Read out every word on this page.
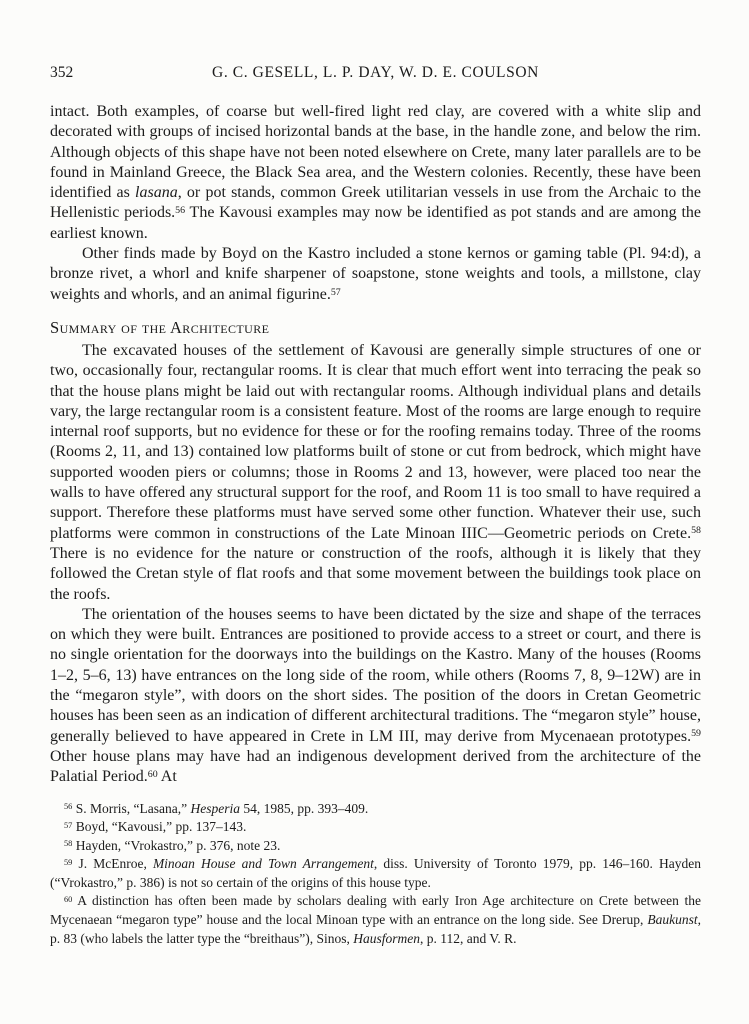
352	G. C. GESELL, L. P. DAY, W. D. E. COULSON

intact. Both examples, of coarse but well-fired light red clay, are covered with a white slip and decorated with groups of incised horizontal bands at the base, in the handle zone, and below the rim. Although objects of this shape have not been noted elsewhere on Crete, many later parallels are to be found in Mainland Greece, the Black Sea area, and the Western colonies. Recently, these have been identified as lasana, or pot stands, common Greek utilitarian vessels in use from the Archaic to the Hellenistic periods.$^{56}$ The Kavousi examples may now be identified as pot stands and are among the earliest known.

Other finds made by Boyd on the Kastro included a stone kernos or gaming table (Pl. 94:d), a bronze rivet, a whorl and knife sharpener of soapstone, stone weights and tools, a millstone, clay weights and whorls, and an animal figurine.$^{57}$

Summary of the Architecture

The excavated houses of the settlement of Kavousi are generally simple structures of one or two, occasionally four, rectangular rooms. It is clear that much effort went into terracing the peak so that the house plans might be laid out with rectangular rooms. Although individual plans and details vary, the large rectangular room is a consistent feature. Most of the rooms are large enough to require internal roof supports, but no evidence for these or for the roofing remains today. Three of the rooms (Rooms 2, 11, and 13) contained low platforms built of stone or cut from bedrock, which might have supported wooden piers or columns; those in Rooms 2 and 13, however, were placed too near the walls to have offered any structural support for the roof, and Room 11 is too small to have required a support. Therefore these platforms must have served some other function. Whatever their use, such platforms were common in constructions of the Late Minoan IIIC—Geometric periods on Crete.$^{58}$ There is no evidence for the nature or construction of the roofs, although it is likely that they followed the Cretan style of flat roofs and that some movement between the buildings took place on the roofs.

The orientation of the houses seems to have been dictated by the size and shape of the terraces on which they were built. Entrances are positioned to provide access to a street or court, and there is no single orientation for the doorways into the buildings on the Kastro. Many of the houses (Rooms 1–2, 5–6, 13) have entrances on the long side of the room, while others (Rooms 7, 8, 9–12W) are in the “megaron style”, with doors on the short sides. The position of the doors in Cretan Geometric houses has been seen as an indication of different architectural traditions. The “megaron style” house, generally believed to have appeared in Crete in LM III, may derive from Mycenaean prototypes.$^{59}$ Other house plans may have had an indigenous development derived from the architecture of the Palatial Period.$^{60}$ At

$^{56}$ S. Morris, “Lasana,” Hesperia 54, 1985, pp. 393–409.

$^{57}$ Boyd, “Kavousi,” pp. 137–143.

$^{58}$ Hayden, “Vrokastro,” p. 376, note 23.

$^{59}$ J. McEnroe, Minoan House and Town Arrangement, diss. University of Toronto 1979, pp. 146–160. Hayden (“Vrokastro,” p. 386) is not so certain of the origins of this house type.

$^{60}$ A distinction has often been made by scholars dealing with early Iron Age architecture on Crete between the Mycenaean “megaron type” house and the local Minoan type with an entrance on the long side. See Drerup, Baukunst, p. 83 (who labels the latter type the “breithaus”), Sinos, Hausformen, p. 112, and V. R.
